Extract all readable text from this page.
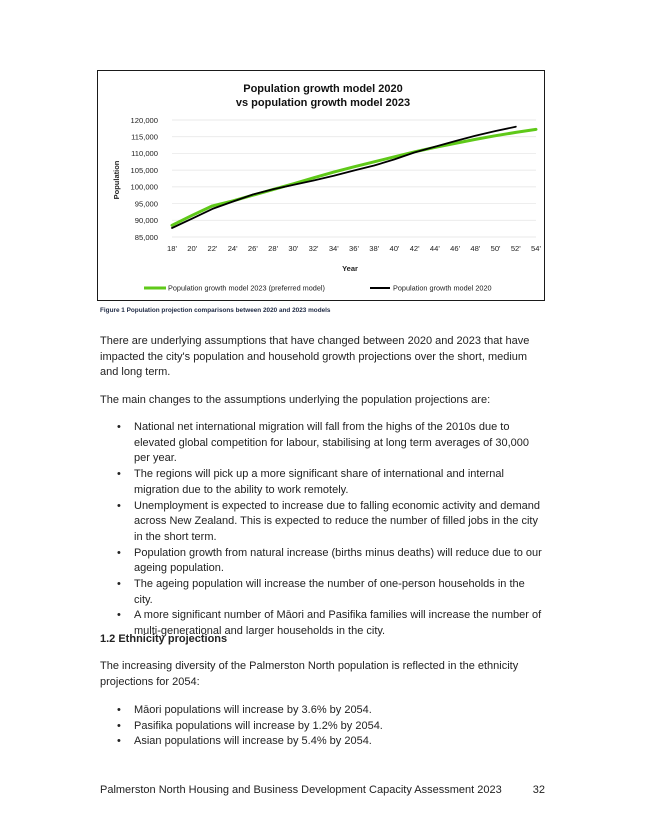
Population growth model 2020
vs population growth model 2023
Population
Year
85,000
90,000
95,000
100,000
105,000
110,000
115,000
120,000
18' 20' 22' 24' 26' 28' 30' 32' 34' 36' 38' 40' 42' 44' 46' 48' 50' 52' 54'
Population growth model 2023 (preferred model)	Population growth model 2020
Figure 1 Population projection comparisons between 2020 and 2023 models

There are underlying assumptions that have changed between 2020 and 2023 that have impacted the city's population and household growth projections over the short, medium and long term.

The main changes to the assumptions underlying the population projections are:

• National net international migration will fall from the highs of the 2010s due to elevated global competition for labour, stabilising at long term averages of 30,000 per year.
• The regions will pick up a more significant share of international and internal migration due to the ability to work remotely.
• Unemployment is expected to increase due to falling economic activity and demand across New Zealand. This is expected to reduce the number of filled jobs in the city in the short term.
• Population growth from natural increase (births minus deaths) will reduce due to our ageing population.
• The ageing population will increase the number of one-person households in the city.
• A more significant number of Māori and Pasifika families will increase the number of multi-generational and larger households in the city.
1.2 Ethnicity projections

The increasing diversity of the Palmerston North population is reflected in the ethnicity projections for 2054:

• Māori populations will increase by 3.6% by 2054.
• Pasifika populations will increase by 1.2% by 2054.
• Asian populations will increase by 5.4% by 2054.
Palmerston North Housing and Business Development Capacity Assessment 2023	32
